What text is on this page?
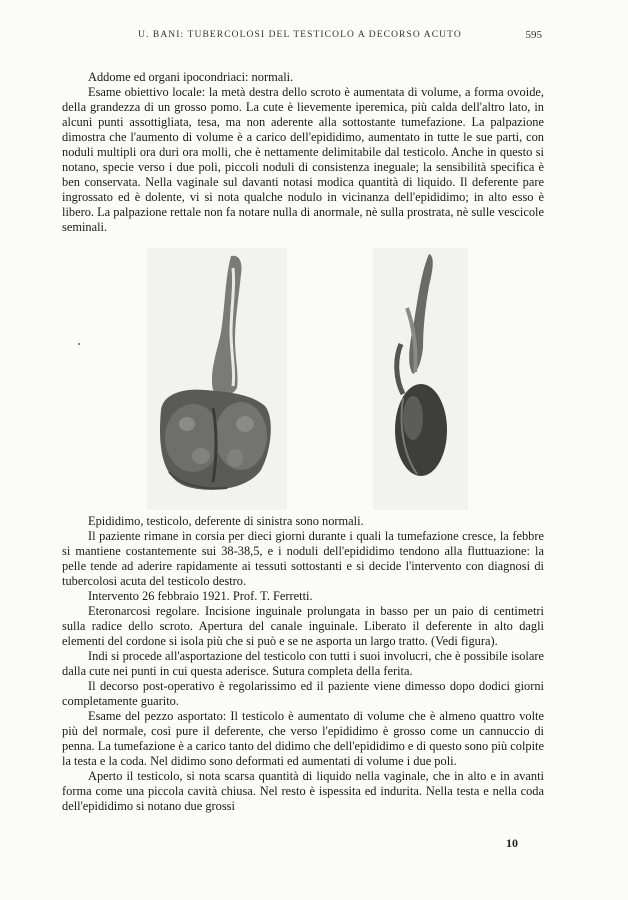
U. BANI: TUBERCOLOSI DEL TESTICOLO A DECORSO ACUTO	595

Addome ed organi ipocondriaci: normali.

Esame obiettivo locale: la metà destra dello scroto è aumentata di volume, a forma ovoide, della grandezza di un grosso pomo. La cute è lievemente iperemica, più calda dell'altro lato, in alcuni punti assottigliata, tesa, ma non aderente alla sottostante tumefazione. La palpazione dimostra che l'aumento di volume è a carico dell'epididimo, aumentato in tutte le sue parti, con noduli multipli ora duri ora molli, che è nettamente delimitabile dal testicolo. Anche in questo si notano, specie verso i due poli, piccoli noduli di consistenza ineguale; la sensibilità specifica è ben conservata. Nella vaginale sul davanti notasi modica quantità di liquido. Il deferente pare ingrossato ed è dolente, vi si nota qualche nodulo in vicinanza dell'epididimo; in alto esso è libero. La palpazione rettale non fa notare nulla di anormale, nè sulla prostrata, nè sulle vescicole seminali.

Epididimo, testicolo, deferente di sinistra sono normali.

Il paziente rimane in corsia per dieci giorni durante i quali la tumefazione cresce, la febbre si mantiene costantemente sui 38-38,5, e i noduli dell'epididimo tendono alla fluttuazione: la pelle tende ad aderire rapidamente ai tessuti sottostanti e si decide l'intervento con diagnosi di tubercolosi acuta del testicolo destro.

Intervento 26 febbraio 1921. Prof. T. Ferretti.

Eteronarcosi regolare. Incisione inguinale prolungata in basso per un paio di centimetri sulla radice dello scroto. Apertura del canale inguinale. Liberato il deferente in alto dagli elementi del cordone si isola più che si può e se ne asporta un largo tratto. (Vedi figura).

Indi si procede all'asportazione del testicolo con tutti i suoi involucri, che è possibile isolare dalla cute nei punti in cui questa aderisce. Sutura completa della ferita.

Il decorso post-operativo è regolarissimo ed il paziente viene dimesso dopo dodici giorni completamente guarito.

Esame del pezzo asportato: Il testicolo è aumentato di volume che è almeno quattro volte più del normale, così pure il deferente, che verso l'epididimo è grosso come un cannuccio di penna. La tumefazione è a carico tanto del didimo che dell'epididimo e di questo sono più colpite la testa e la coda. Nel didimo sono deformati ed aumentati di volume i due poli.

Aperto il testicolo, si nota scarsa quantità di liquido nella vaginale, che in alto e in avanti forma come una piccola cavità chiusa. Nel resto è ispessita ed indurita. Nella testa e nella coda dell'epididimo si notano due grossi

10
